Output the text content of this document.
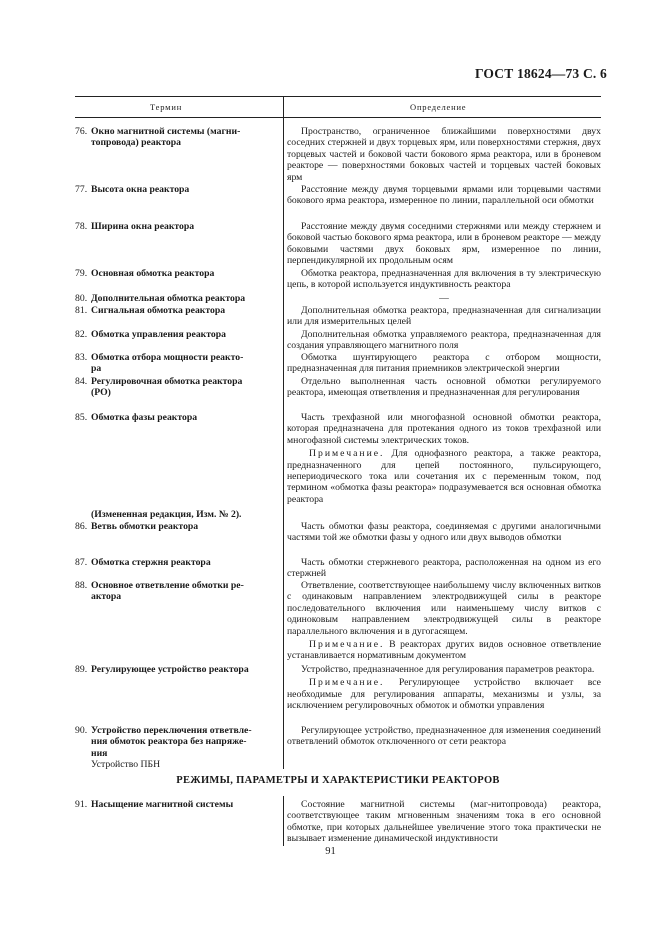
ГОСТ 18624—73 С. 6
Термин	Определение
76. Окно магнитной системы (магни-
топровода) реактора

Пространство, ограниченное ближайшими поверхностями двух соседних стержней и двух торцевых ярм, или поверхностями стержня, двух торцевых частей и боковой части бокового ярма реактора, или в броневом реакторе — поверхностями боковых частей и торцевых частей боковых ярм

77. Высота окна реактора	Расстояние между двумя торцевыми ярмами или торцевыми частями бокового ярма реактора, измеренное по линии, параллельной оси обмотки

78. Ширина окна реактора	Расстояние между двумя соседними стержнями или между стержнем и боковой частью бокового ярма реактора, или в броневом реакторе — между боковыми частями двух боковых ярм, измеренное по линии, перпендикулярной их продольным осям

79. Основная обмотка реактора	Обмотка реактора, предназначенная для включения в ту электрическую цепь, в которой используется индуктивность реактора

80. Дополнительная обмотка реактора	—

81. Сигнальная обмотка реактора	Дополнительная обмотка реактора, предназначенная для сигнализации или для измерительных целей

82. Обмотка управления реактора	Дополнительная обмотка управляемого реактора, предназначенная для создания управляющего магнитного поля

83. Обмотка отбора мощности реакто-
ра

Обмотка шунтирующего реактора с отбором мощности, предназначенная для питания приемников электрической энергии

84. Регулировочная обмотка реактора
(РО)

Отдельно выполненная часть основной обмотки регулируемого реактора, имеющая ответвления и предназначенная для регулирования

85. Обмотка фазы реактора	Часть трехфазной или многофазной основной обмотки реактора, которая предназначена для протекания одного из токов трехфазной или многофазной системы электрических токов.

Примечание. Для однофазного реактора, а также реактора, предназначенного для цепей постоянного, пульсирующего, непериодического тока или сочетания их с переменным током, под термином «обмотка фазы реактора» подразумевается вся основная обмотка реактора

(Измененная редакция, Изм. № 2).
86. Ветвь обмотки реактора	Часть обмотки фазы реактора, соединяемая с другими аналогичными частями той же обмотки фазы у одного или двух выводов обмотки

87. Обмотка стержня реактора	Часть обмотки стержневого реактора, расположенная на одном из его стержней

88. Основное ответвление обмотки ре-
актора

Ответвление, соответствующее наибольшему числу включенных витков с одинаковым направлением электродвижущей силы в реакторе последовательного включения или наименьшему числу витков с одиноковым направлением электродвижущей силы в реакторе параллельного включения и в дугогасящем.

Примечание. В реакторах других видов основное ответвление устанавливается нормативным документом

89. Регулирующее устройство реактора	Устройство, предназначенное для регулирования параметров реактора.

Примечание. Регулирующее устройство включает все необходимые для регулирования аппараты, механизмы и узлы, за исключением регулировочных обмоток и обмотки управления

90. Устройство переключения ответвле-
ния обмоток реактора без напряже-
ния
Устройство ПБН

Регулирующее устройство, предназначенное для изменения соединений ответвлений обмоток отключенного от сети реактора

РЕЖИМЫ, ПАРАМЕТРЫ И ХАРАКТЕРИСТИКИ РЕАКТОРОВ
91. Насыщение магнитной системы	Состояние магнитной системы (маг-нитопровода) реактора, соответствующее таким мгновенным значениям тока в его основной обмотке, при которых дальнейшее увеличение этого тока практически не вызывает изменение динамической индуктивности

91
